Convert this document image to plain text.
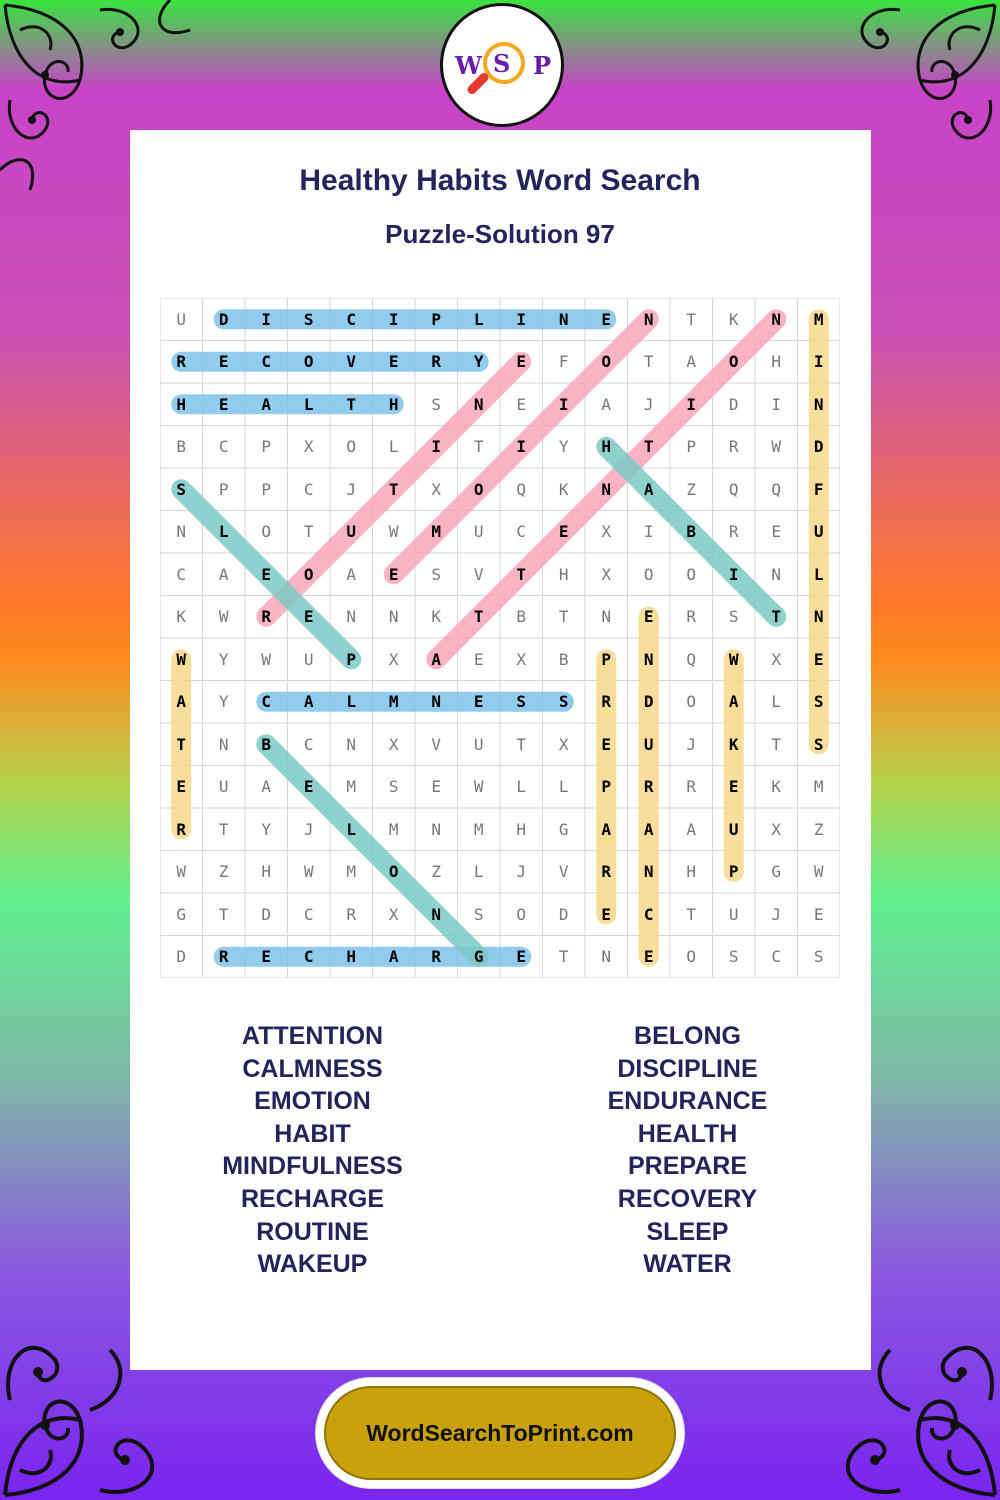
W S P
Healthy Habits Word Search
Puzzle-Solution 97
U	D	I	S	C	I	P	L	I	N	E	N	T	K	N	M
R	E	C	O	V	E	R	Y	E	F	O	T	A	O	H	I
H	E	A	L	T	H	S	N	E	I	A	J	I	D	I	N
B	C	P	X	O	L	I	T	I	Y	H	T	P	R	W	D
S	P	P	C	J	T	X	O	Q	K	N	A	Z	Q	Q	F
N	L	O	T	U	W	M	U	C	E	X	I	B	R	E	U
C	A	E	O	A	E	S	V	T	H	X	O	O	I	N	L
K	W	R	E	N	N	K	T	B	T	N	E	R	S	T	N
W	Y	W	U	P	X	A	E	X	B	P	N	Q	W	X	E
A	Y	C	A	L	M	N	E	S	S	R	D	O	A	L	S
T	N	B	C	N	X	V	U	T	X	E	U	J	K	T	S
E	U	A	E	M	S	E	W	L	L	P	R	R	E	K	M
R	T	Y	J	L	M	N	M	H	G	A	A	A	U	X	Z
W	Z	H	W	M	O	Z	L	J	V	R	N	H	P	G	W
G	T	D	C	R	X	N	S	O	D	E	C	T	U	J	E
D	R	E	C	H	A	R	G	E	T	N	E	O	S	C	S
ATTENTION
CALMNESS
EMOTION
HABIT
MINDFULNESS
RECHARGE
ROUTINE
WAKEUP
BELONG
DISCIPLINE
ENDURANCE
HEALTH
PREPARE
RECOVERY
SLEEP
WATER
WordSearchToPrint.com
